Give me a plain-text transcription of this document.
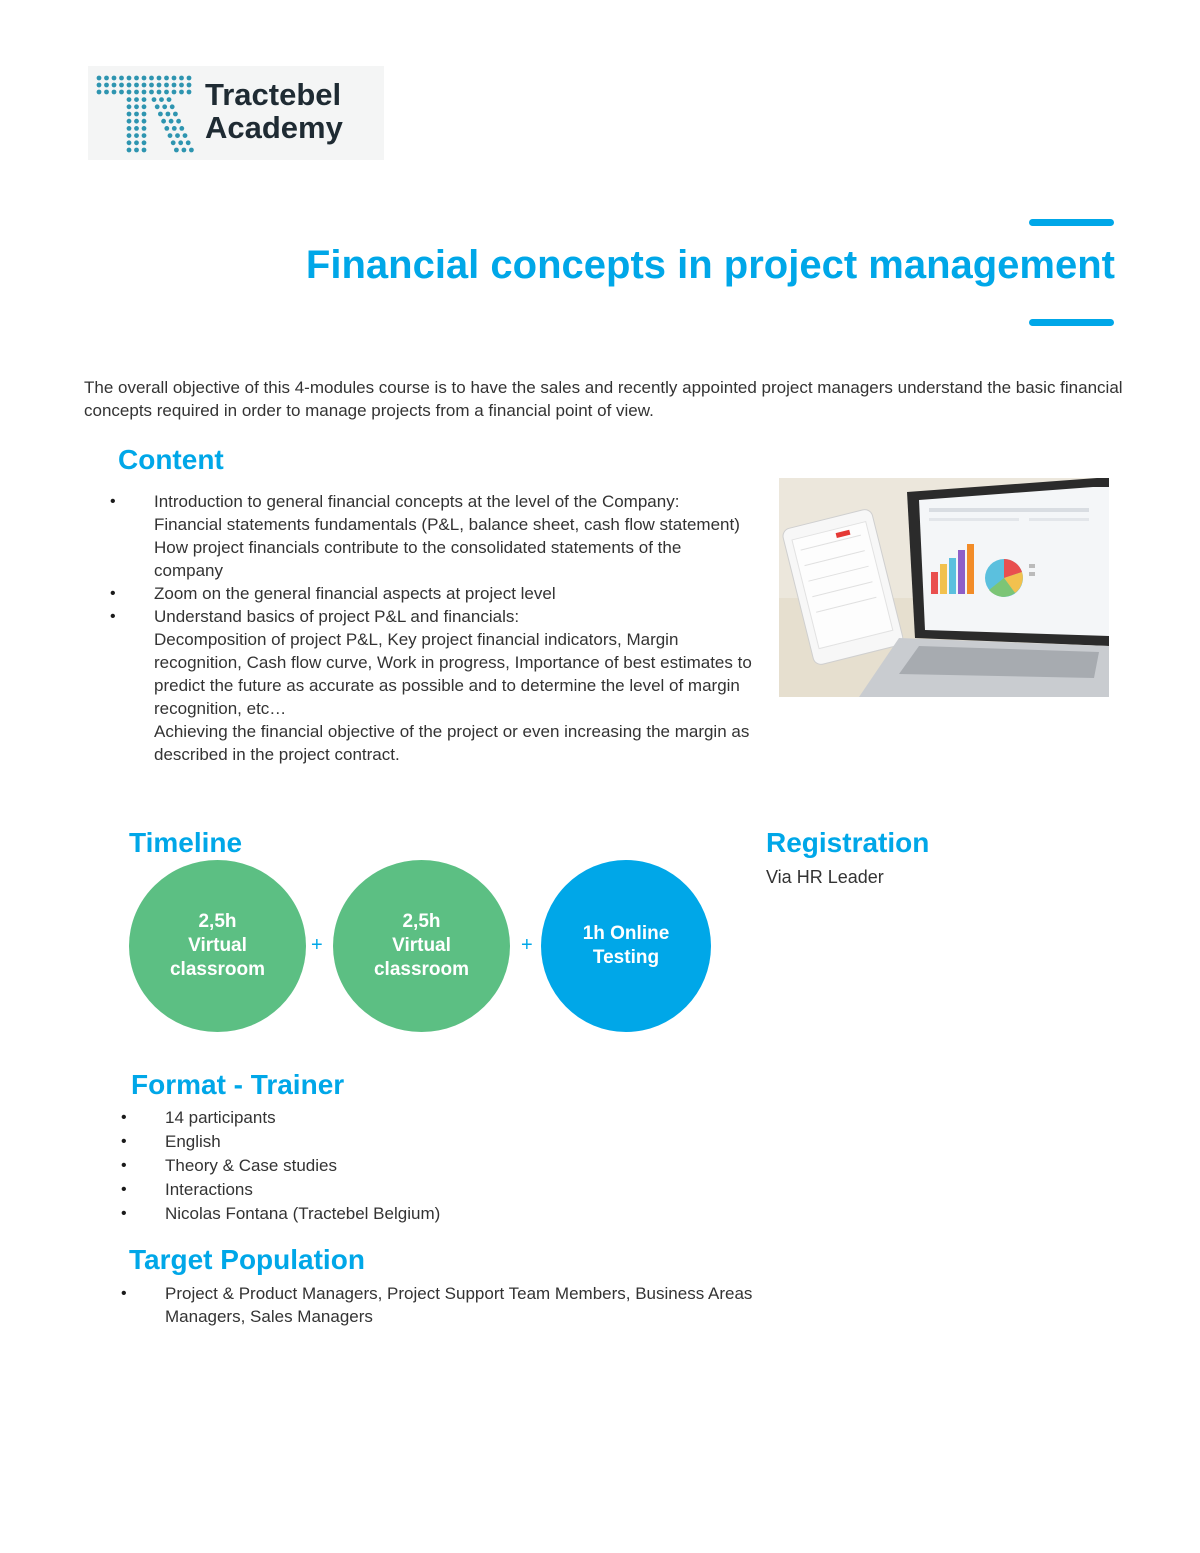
Tractebel
Academy
Financial concepts in project management
The overall objective of this 4-modules course is to have the sales and recently appointed project managers understand the basic financial concepts required in order to manage projects from a financial point of view.
Content
• Introduction to general financial concepts at the level of the Company:
Financial statements fundamentals (P&L, balance sheet, cash flow statement)
How project financials contribute to the consolidated statements of the company
• Zoom on the general financial aspects at project level
• Understand basics of project P&L and financials:
Decomposition of project P&L, Key project financial indicators, Margin recognition, Cash flow curve, Work in progress, Importance of best estimates to predict the future as accurate as possible and to determine the level of margin recognition, etc…
Achieving the financial objective of the project or even increasing the margin as described in the project contract.
Timeline
2,5h
Virtual
classroom
+
2,5h
Virtual
classroom
+
1h Online
Testing
Registration
Via HR Leader
Format - Trainer
• 14 participants
• English
• Theory & Case studies
• Interactions
• Nicolas Fontana (Tractebel Belgium)
Target Population
• Project & Product Managers, Project Support Team Members, Business Areas Managers, Sales Managers
